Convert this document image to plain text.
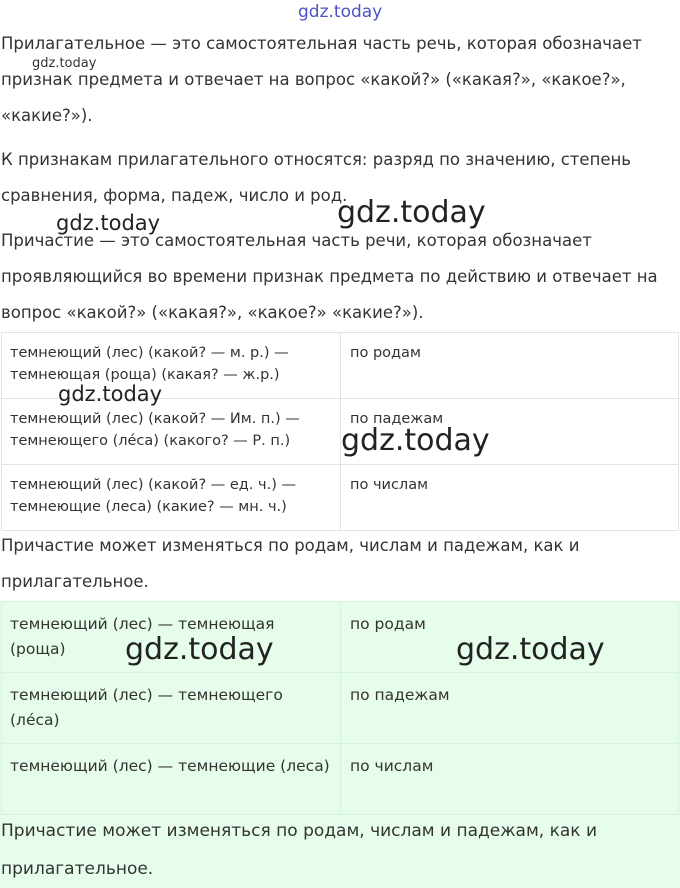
Прилагательное — это самостоятельная часть речь, которая обозначает признак предмета и отвечает на вопрос «какой?» («какая?», «какое?», «какие?»).

К признакам прилагательного относятся: разряд по значению, степень сравнения, форма, падеж, число и род.

Причастие — это самостоятельная часть речи, которая обозначает проявляющийся во времени признак предмета по действию и отвечает на вопрос «какой?» («какая?», «какое?» «какие?»).

темнеющий (лес) (какой? — м. р.) — темнеющая (роща) (какая? — ж.р.)	по родам
темнеющий (лес) (какой? — Им. п.) — темнеющего (ле́са) (какого? — Р. п.)	по падежам
темнеющий (лес) (какой? — ед. ч.) — темнеющие (леса) (какие? — мн. ч.)	по числам

Причастие может изменяться по родам, числам и падежам, как и прилагательное.

темнеющий (лес) — темнеющая (роща)	по родам
темнеющий (лес) — темнеющего (ле́са)	по падежам
темнеющий (лес) — темнеющие (леса)	по числам

Причастие может изменяться по родам, числам и падежам, как и прилагательное.

gdz.today
gdz.today
gdz.today	gdz.today
gdz.today
gdz.today
gdz.today	gdz.today
